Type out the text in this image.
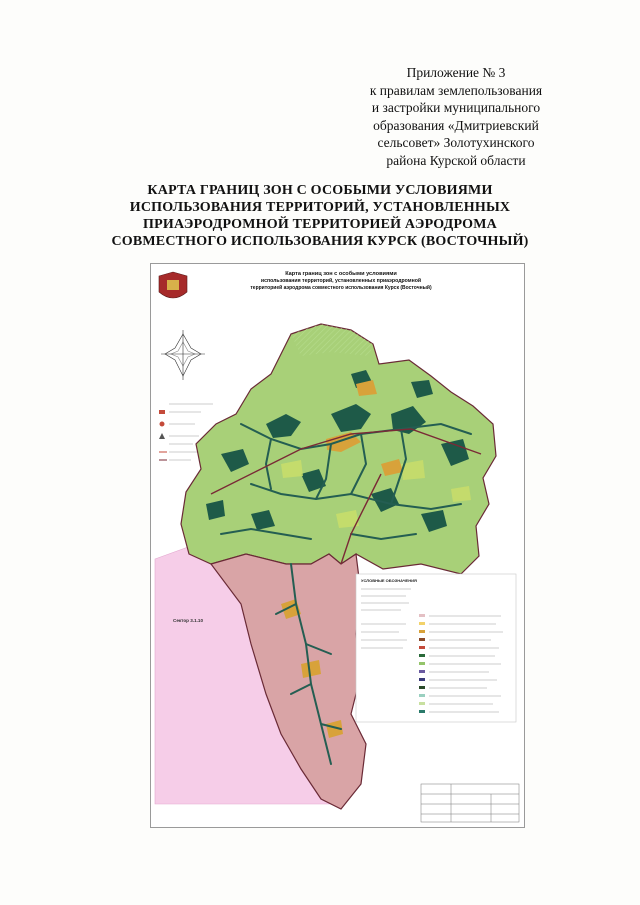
Приложение № 3
к правилам землепользования
и застройки муниципального
образования «Дмитриевский
сельсовет» Золотухинского
района Курской области
КАРТА ГРАНИЦ ЗОН С ОСОБЫМИ УСЛОВИЯМИ
ИСПОЛЬЗОВАНИЯ ТЕРРИТОРИЙ, УСТАНОВЛЕННЫХ
ПРИАЭРОДРОМНОЙ ТЕРРИТОРИЕЙ АЭРОДРОМА
СОВМЕСТНОГО ИСПОЛЬЗОВАНИЯ КУРСК (ВОСТОЧНЫЙ)
Карта границ зон с особыми условиями
использования территорий, установленных приаэродромной
территорией аэродрома совместного использования Курск (Восточный)
Сектор 3.1.10
УСЛОВНЫЕ ОБОЗНАЧЕНИЯ
